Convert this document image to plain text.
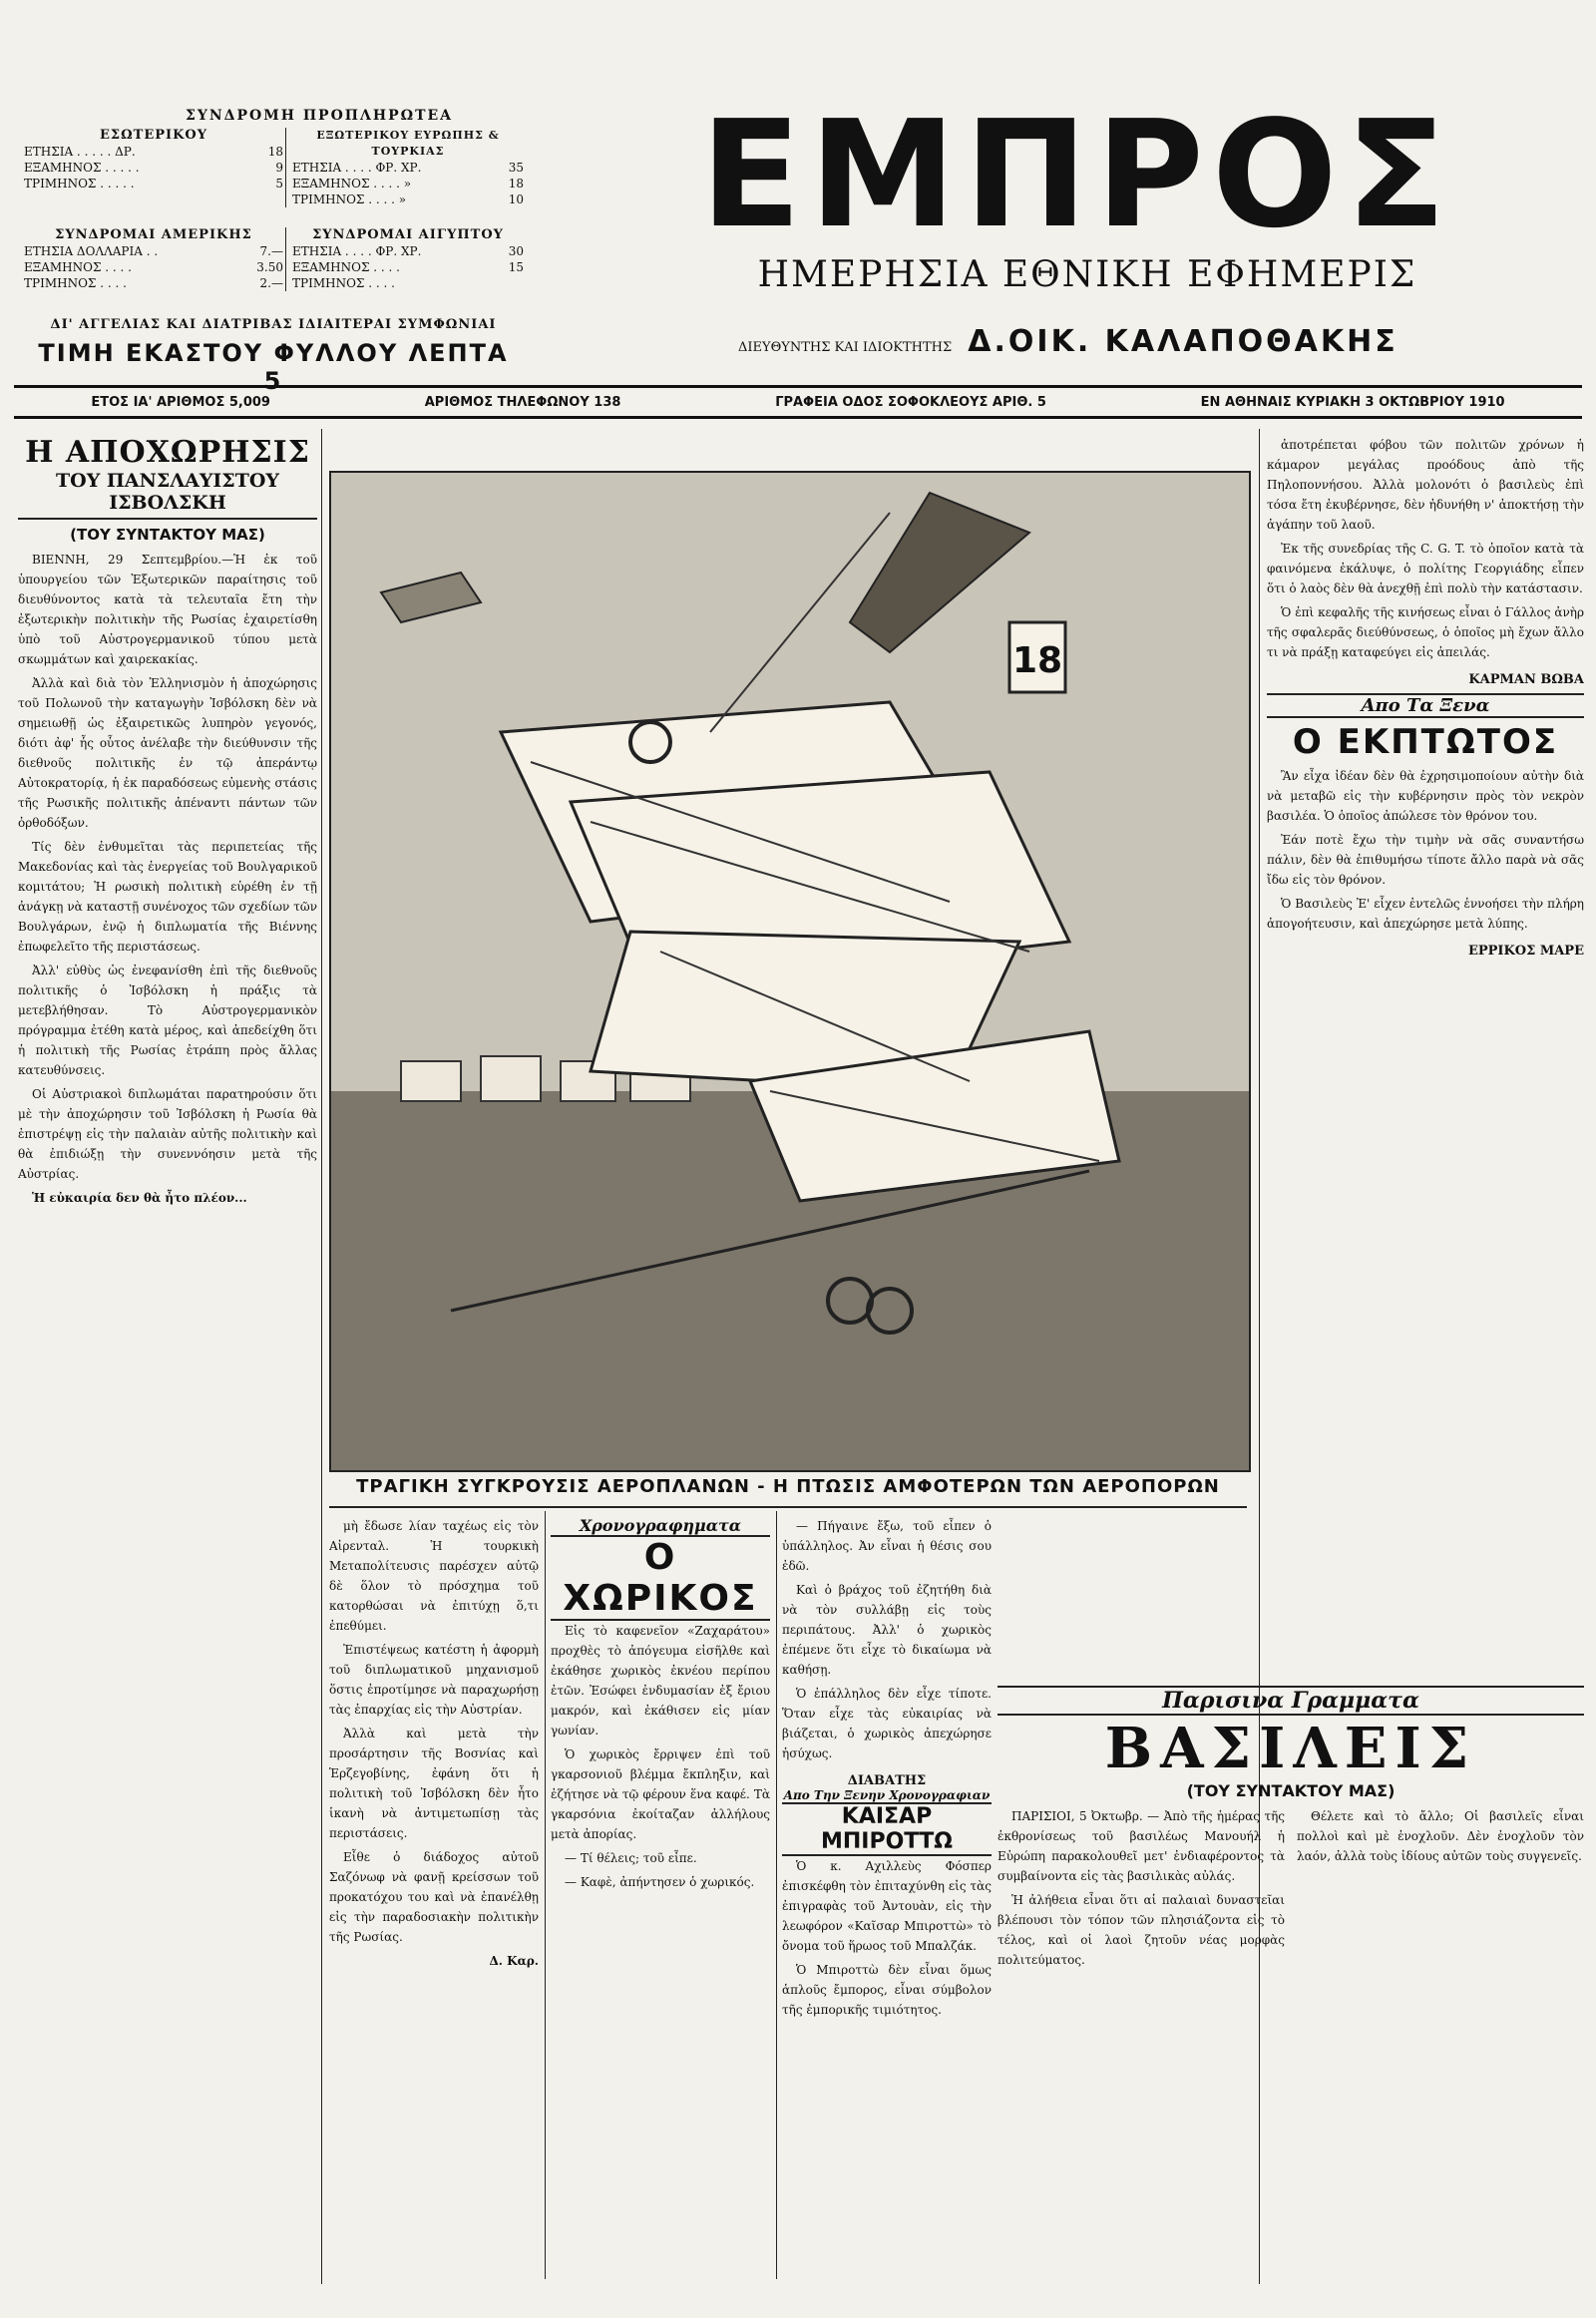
ΣΥΝΔΡΟΜΗ ΠΡΟΠΛΗΡΩΤΕΑ
ΕΣΩΤΕΡΙΚΟΥ
ΕΤΗΣΙΑ . . . . . ΔΡ.	18
ΕΞΑΜΗΝΟΣ . . . . .	9
ΤΡΙΜΗΝΟΣ . . . . .	5
ΕΞΩΤΕΡΙΚΟΥ ΕΥΡΩΠΗΣ & ΤΟΥΡΚΙΑΣ
ΕΤΗΣΙΑ . . . . ΦΡ. ΧΡ.	35
ΕΞΑΜΗΝΟΣ . . . . »	18
ΤΡΙΜΗΝΟΣ . . . . »	10
ΣΥΝΔΡΟΜΑΙ ΑΜΕΡΙΚΗΣ
ΕΤΗΣΙΑ ΔΟΛΛΑΡΙΑ . .	7.—
ΕΞΑΜΗΝΟΣ . . . .	3.50
ΤΡΙΜΗΝΟΣ . . . .	2.—
ΣΥΝΔΡΟΜΑΙ ΑΙΓΥΠΤΟΥ
ΕΤΗΣΙΑ . . . . ΦΡ. ΧΡ.	30
ΕΞΑΜΗΝΟΣ . . . .	15
ΤΡΙΜΗΝΟΣ . . . .
ΔΙ' ΑΓΓΕΛΙΑΣ ΚΑΙ ΔΙΑΤΡΙΒΑΣ ΙΔΙΑΙΤΕΡΑΙ ΣΥΜΦΩΝΙΑΙ
ΤΙΜΗ ΕΚΑΣΤΟΥ ΦΥΛΛΟΥ ΛΕΠΤΑ 5
ΕΜΠΡΟΣ
ΗΜΕΡΗΣΙΑ ΕΘΝΙΚΗ ΕΦΗΜΕΡΙΣ
ΔΙΕΥΘΥΝΤΗΣ ΚΑΙ ΙΔΙΟΚΤΗΤΗΣ Δ.ΟΙΚ. ΚΑΛΑΠΟΘΑΚΗΣ
ΕΤΟΣ ΙΑ' ΑΡΙΘΜΟΣ 5,009	ΑΡΙΘΜΟΣ ΤΗΛΕΦΩΝΟΥ 138	ΓΡΑΦΕΙΑ ΟΔΟΣ ΣΟΦΟΚΛΕΟΥΣ ΑΡΙΘ. 5	ΕΝ ΑΘΗΝΑΙΣ ΚΥΡΙΑΚΗ 3 ΟΚΤΩΒΡΙΟΥ 1910
Η ΑΠΟΧΩΡΗΣΙΣ
ΤΟΥ ΠΑΝΣΛΑΥΙΣΤΟΥ ΙΣΒΟΛΣΚΗ
(ΤΟΥ ΣΥΝΤΑΚΤΟΥ ΜΑΣ)

ΒΙΕΝΝΗ, 29 Σεπτεμβρίου.—Ἡ ἐκ τοῦ ὑπουργείου τῶν Ἐξωτερικῶν παραίτησις τοῦ διευθύνοντος κατὰ τὰ τελευταῖα ἔτη τὴν ἐξωτερικὴν πολιτικὴν τῆς Ρωσίας ἐχαιρετίσθη ὑπὸ τοῦ Αὐστρογερμανικοῦ τύπου μετὰ σκωμμάτων καὶ χαιρεκακίας.

Ἀλλὰ καὶ διὰ τὸν Ἑλληνισμὸν ἡ ἀποχώρησις τοῦ Πολωνοῦ τὴν καταγωγὴν Ἰσβόλσκη δὲν νὰ σημειωθῇ ὡς ἐξαιρετικῶς λυπηρὸν γεγονός, διότι ἀφ' ἧς οὗτος ἀνέλαβε τὴν διεύθυνσιν τῆς διεθνοῦς πολιτικῆς ἐν τῷ ἀπεράντῳ Αὐτοκρατορίᾳ, ἡ ἐκ παραδόσεως εὐμενὴς στάσις τῆς Ρωσικῆς πολιτικῆς ἀπέναντι πάντων τῶν ὀρθοδόξων.

Τίς δὲν ἐνθυμεῖται τὰς περιπετείας τῆς Μακεδονίας καὶ τὰς ἐνεργείας τοῦ Βουλγαρικοῦ κομιτάτου; Ἡ ρωσικὴ πολιτικὴ εὑρέθη ἐν τῇ ἀνάγκῃ νὰ καταστῇ συνένοχος τῶν σχεδίων τῶν Βουλγάρων, ἐνῷ ἡ διπλωματία τῆς Βιέννης ἐπωφελεῖτο τῆς περιστάσεως.

Ἀλλ' εὐθὺς ὡς ἐνεφανίσθη ἐπὶ τῆς διεθνοῦς πολιτικῆς ὁ Ἰσβόλσκη ἡ πράξις τὰ μετεβλήθησαν. Τὸ Αὐστρογερμανικὸν πρόγραμμα ἐτέθη κατὰ μέρος, καὶ ἀπεδείχθη ὅτι ἡ πολιτικὴ τῆς Ρωσίας ἐτράπη πρὸς ἄλλας κατευθύνσεις.

Οἱ Αὐστριακοὶ διπλωμάται παρατηρούσιν ὅτι μὲ τὴν ἀποχώρησιν τοῦ Ἰσβόλσκη ἡ Ρωσία θὰ ἐπιστρέψῃ εἰς τὴν παλαιὰν αὐτῆς πολιτικὴν καὶ θὰ ἐπιδιώξῃ τὴν συνεννόησιν μετὰ τῆς Αὐστρίας.

Ἡ εὐκαιρία δεν θὰ ἦτο πλέον...

18
ΤΡΑΓΙΚΗ ΣΥΓΚΡΟΥΣΙΣ ΑΕΡΟΠΛΑΝΩΝ - Η ΠΤΩΣΙΣ ΑΜΦΟΤΕΡΩΝ ΤΩΝ ΑΕΡΟΠΟΡΩΝ

ἀποτρέπεται φόβου τῶν πολιτῶν χρόνων ἡ κάμαρον μεγάλας προόδους ἀπὸ τῆς Πηλοποννήσου. Ἀλλὰ μολονότι ὁ βασιλεὺς ἐπὶ τόσα ἔτη ἐκυβέρνησε, δὲν ἠδυνήθη ν' ἀποκτήσῃ τὴν ἀγάπην τοῦ λαοῦ.

Ἐκ τῆς συνεδρίας τῆς C. G. T. τὸ ὁποῖον κατὰ τὰ φαινόμενα ἐκάλυψε, ὁ πολίτης Γεοργιάδης εἶπεν ὅτι ὁ λαὸς δὲν θὰ ἀνεχθῇ ἐπὶ πολὺ τὴν κατάστασιν.

Ὁ ἐπὶ κεφαλῆς τῆς κινήσεως εἶναι ὁ Γάλλος ἀνὴρ τῆς σφαλερᾶς διεύθύνσεως, ὁ ὁποῖος μὴ ἔχων ἄλλο τι νὰ πράξῃ καταφεύγει εἰς ἀπειλάς.

ΚΑΡΜΑΝ ΒΩΒΑ
Απο Τα Ξενα
Ο ΕΚΠΤΩΤΟΣ

Ἂν εἶχα ἰδέαν δὲν θὰ ἐχρησιμοποίουν αὐτὴν διὰ νὰ μεταβῶ εἰς τὴν κυβέρνησιν πρὸς τὸν νεκρὸν βασιλέα. Ὁ ὁποῖος ἀπώλεσε τὸν θρόνον του.

Ἐάν ποτὲ ἔχω τὴν τιμὴν νὰ σᾶς συναντήσω πάλιν, δὲν θὰ ἐπιθυμήσω τίποτε ἄλλο παρὰ νὰ σᾶς ἴδω εἰς τὸν θρόνον.

Ὁ Βασιλεὺς Ἐ' εἶχεν ἐντελῶς ἐννοήσει τὴν πλήρη ἀπογοήτευσιν, καὶ ἀπεχώρησε μετὰ λύπης.

ΕΡΡΙΚΟΣ ΜΑΡΕ
Παρισινα Γραμματα
ΒΑΣΙΛΕΙΣ
(ΤΟΥ ΣΥΝΤΑΚΤΟΥ ΜΑΣ)

ΠΑΡΙΣΙΟΙ, 5 Ὀκτωβρ. — Ἀπὸ τῆς ἡμέρας τῆς ἐκθρονίσεως τοῦ βασιλέως Μανουήλ ἡ Εὐρώπη παρακολουθεῖ μετ' ἐνδιαφέροντος τὰ συμβαίνοντα εἰς τὰς βασιλικὰς αὐλάς.

Ἡ ἀλήθεια εἶναι ὅτι αἱ παλαιαὶ δυναστεῖαι βλέπουσι τὸν τόπον τῶν πλησιάζοντα εἰς τὸ τέλος, καὶ οἱ λαοὶ ζητοῦν νέας μορφὰς πολιτεύματος.

Θέλετε καὶ τὸ ἄλλο; Οἱ βασιλεῖς εἶναι πολλοὶ καὶ μὲ ἐνοχλοῦν. Δὲν ἐνοχλοῦν τὸν λαόν, ἀλλὰ τοὺς ἰδίους αὐτῶν τοὺς συγγενεῖς.

μὴ ἔδωσε λίαν ταχέως εἰς τὸν Αἰρενταλ. Ἡ τουρκικὴ Μεταπολίτευσις παρέσχεν αὐτῷ δὲ ὅλον τὸ πρόσχημα τοῦ κατορθώσαι νὰ ἐπιτύχῃ ὅ,τι ἐπεθύμει.

Ἐπιστέψεως κατέστη ἡ ἀφορμὴ τοῦ διπλωματικοῦ μηχανισμοῦ ὅστις ἐπροτίμησε νὰ παραχωρήσῃ τὰς ἐπαρχίας εἰς τὴν Αὐστρίαν.

Ἀλλὰ καὶ μετὰ τὴν προσάρτησιν τῆς Βοσνίας καὶ Ἑρζεγοβίνης, ἐφάνη ὅτι ἡ πολιτικὴ τοῦ Ἰσβόλσκη δὲν ἦτο ἱκανὴ νὰ ἀντιμετωπίσῃ τὰς περιστάσεις.

Εἶθε ὁ διάδοχος αὐτοῦ Σαζόνωφ νὰ φανῇ κρείσσων τοῦ προκατόχου του καὶ νὰ ἐπανέλθῃ εἰς τὴν παραδοσιακὴν πολιτικὴν τῆς Ρωσίας.

Δ. Καρ.
Χρονογραφηματα
Ο ΧΩΡΙΚΟΣ

Εἰς τὸ καφενεῖον «Ζαχαράτου» προχθὲς τὸ ἀπόγευμα εἰσῆλθε καὶ ἐκάθησε χωρικὸς ἐκνέου περίπου ἐτῶν. Ἐσώφει ἐνδυμασίαν ἐξ ἔριου μακρόν, καὶ ἐκάθισεν εἰς μίαν γωνίαν.

Ὁ χωρικὸς ἔρριψεν ἐπὶ τοῦ γκαρσονιοῦ βλέμμα ἔκπληξιν, καὶ ἐζήτησε νὰ τῷ φέρουν ἕνα καφέ. Τὰ γκαρσόνια ἐκοίταζαν ἀλλήλους μετὰ ἀπορίας.

— Τί θέλεις; τοῦ εἶπε.

— Καφὲ, ἀπήντησεν ὁ χωρικός.

— Πήγαινε ἔξω, τοῦ εἶπεν ὁ ὑπάλληλος. Ἀν εἶναι ἡ θέσις σου ἐδῶ.

Καὶ ὁ βράχος τοῦ ἐζητήθη διὰ νὰ τὸν συλλάβῃ εἰς τοὺς περιπάτους. Ἀλλ' ὁ χωρικὸς ἐπέμενε ὅτι εἶχε τὸ δικαίωμα νὰ καθήσῃ.

Ὁ ἐπάλληλος δὲν εἶχε τίποτε. Ὅταν εἶχε τὰς εὐκαιρίας νὰ βιάζεται, ὁ χωρικὸς ἀπεχώρησε ἡσύχως.

ΔΙΑΒΑΤΗΣ
Απο Την Ξενην Χρονογραφιαν
ΚΑΙΣΑΡ ΜΠΙΡΟΤΤΩ

Ὁ κ. Αχιλλεὺς Φόσπερ ἐπισκέφθη τὸν ἐπιταχύνθη εἰς τὰς ἐπιγραφὰς τοῦ Ἀντουὰν, εἰς τὴν λεωφόρον «Καῖσαρ Μπιροττὼ» τὸ ὄνομα τοῦ ἥρωος τοῦ Μπαλζάκ.

Ὁ Μπιροττὼ δὲν εἶναι ὅμως ἁπλοῦς ἔμπορος, εἶναι σύμβολον τῆς ἐμπορικῆς τιμιότητος.
